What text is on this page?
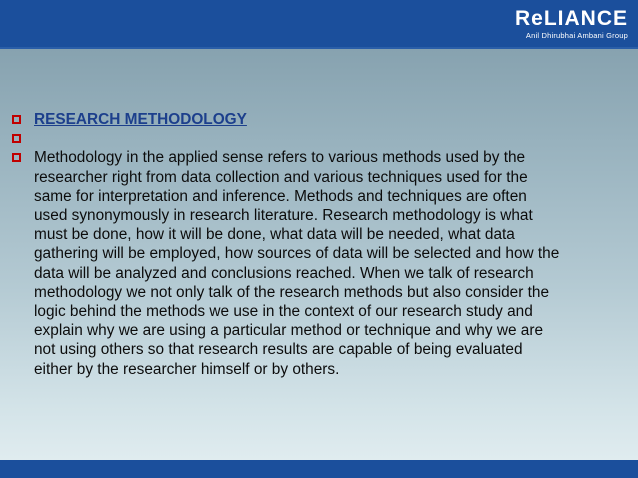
ReLIANCE
Anil Dhirubhai Ambani Group
RESEARCH METHODOLOGY
Methodology in the applied sense refers to various methods used by the
researcher right from data collection and various techniques used for the
same for interpretation and inference. Methods and techniques are often
used synonymously in research literature. Research methodology is what
must be done, how it will be done, what data will be needed, what data
gathering will be employed, how sources of data will be selected and how the
data will be analyzed and conclusions reached. When we talk of research
methodology we not only talk of the research methods but also consider the
logic behind the methods we use in the context of our research study and
explain why we are using a particular method or technique and why we are
not using others so that research results are capable of being evaluated
either by the researcher himself or by others.
